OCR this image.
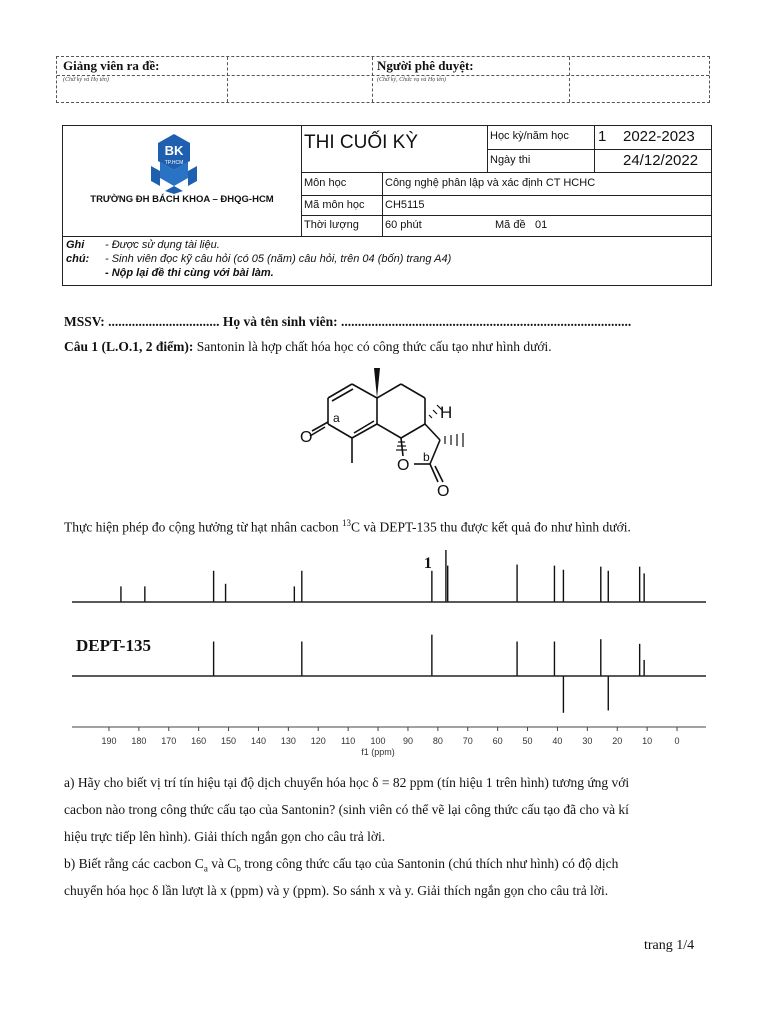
Giảng viên ra đề:
(Chữ ký và Họ tên)
Người phê duyệt:
(Chữ ký, Chức vụ và Họ tên)
BK
TP.HCM
TRƯỜNG ĐH BÁCH KHOA – ĐHQG-HCM
THI CUỐI KỲ	Học kỳ/năm học 1 2022-2023
Ngày thi	24/12/2022
Môn học	Công nghệ phân lập và xác định CT HCHC
Mã môn học CH5115
Thời lượng 60 phút	Mã đề 01
Ghi
chú:
- Được sử dụng tài liệu.
- Sinh viên đọc kỹ câu hỏi (có 05 (năm) câu hỏi, trên 04 (bốn) trang A4)
- Nộp lại đề thi cùng với bài làm.
MSSV: ................................. Họ và tên sinh viên: ......................................................................................
Câu 1 (L.O.1, 2 điểm): Santonin là hợp chất hóa học có công thức cấu tạo như hình dưới.
O
O
O
H
a
b
Thực hiện phép đo cộng hưởng từ hạt nhân cacbon $^{13}$C và DEPT-135 thu được kết quả đo như hình dưới.
1
DEPT-135
190 180 170 160 150 140 130 120 110 100 90 80 70 60 50 40 30 20 10 0
f1 (ppm)
a) Hãy cho biết vị trí tín hiệu tại độ dịch chuyển hóa học δ = 82 ppm (tín hiệu 1 trên hình) tương ứng với
cacbon nào trong công thức cấu tạo của Santonin? (sinh viên có thể vẽ lại công thức cấu tạo đã cho và kí
hiệu trực tiếp lên hình). Giải thích ngắn gọn cho câu trả lời.
b) Biết rằng các cacbon $C_a$ và $C_b$ trong công thức cấu tạo của Santonin (chú thích như hình) có độ dịch
chuyển hóa học δ lần lượt là x (ppm) và y (ppm). So sánh x và y. Giải thích ngắn gọn cho câu trả lời.
trang 1/4
